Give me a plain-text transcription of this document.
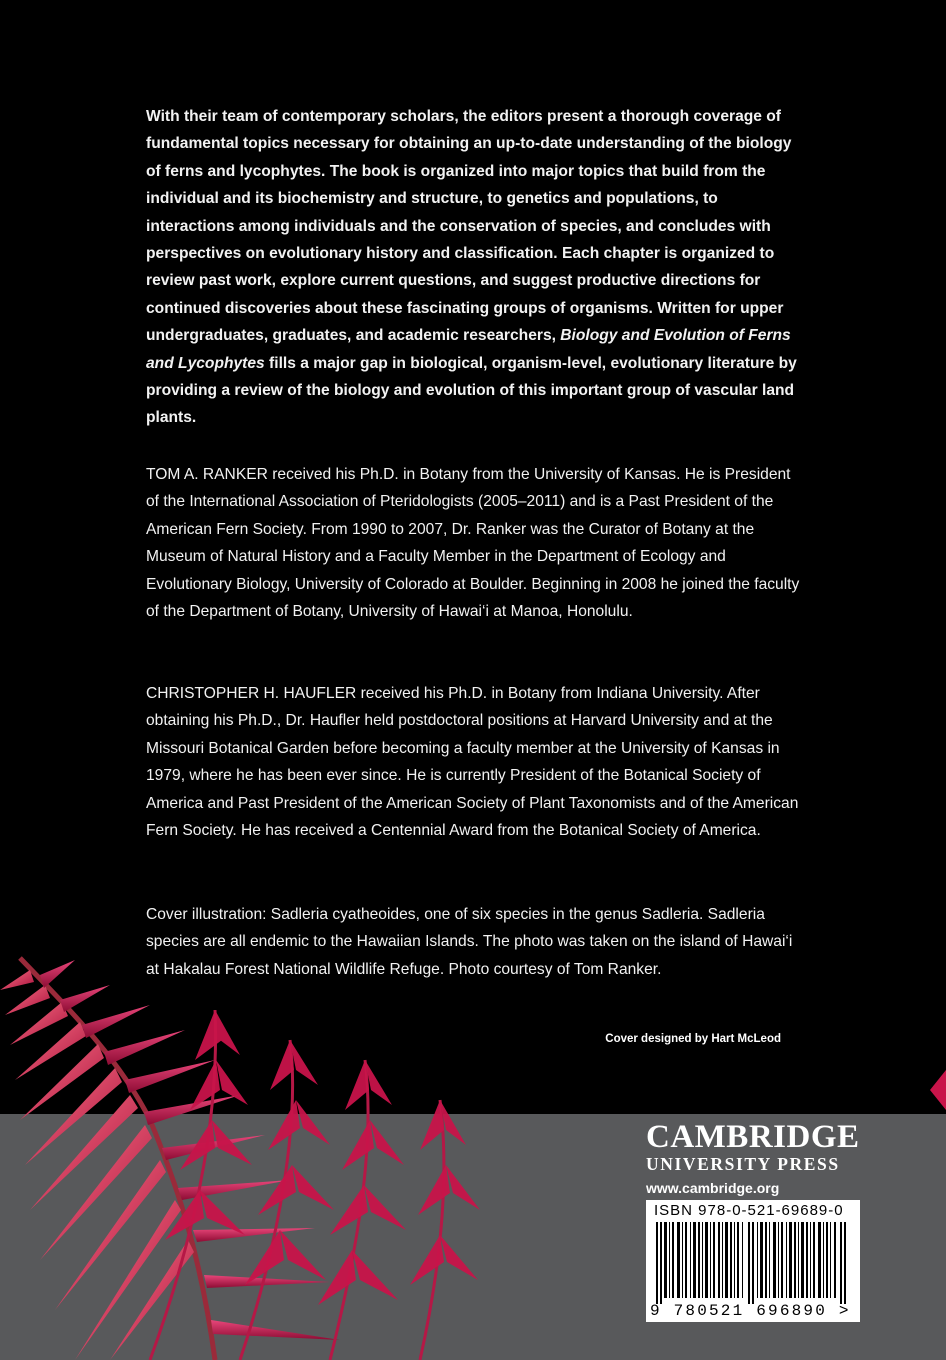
With their team of contemporary scholars, the editors present a thorough coverage of fundamental topics necessary for obtaining an up-to-date understanding of the biology of ferns and lycophytes. The book is organized into major topics that build from the individual and its biochemistry and structure, to genetics and populations, to interactions among individuals and the conservation of species, and concludes with perspectives on evolutionary history and classification. Each chapter is organized to review past work, explore current questions, and suggest productive directions for continued discoveries about these fascinating groups of organisms. Written for upper undergraduates, graduates, and academic researchers, Biology and Evolution of Ferns and Lycophytes fills a major gap in biological, organism-level, evolutionary literature by providing a review of the biology and evolution of this important group of vascular land plants.
TOM A. RANKER received his Ph.D. in Botany from the University of Kansas. He is President of the International Association of Pteridologists (2005–2011) and is a Past President of the American Fern Society. From 1990 to 2007, Dr. Ranker was the Curator of Botany at the Museum of Natural History and a Faculty Member in the Department of Ecology and Evolutionary Biology, University of Colorado at Boulder. Beginning in 2008 he joined the faculty of the Department of Botany, University of Hawai‘i at Manoa, Honolulu.
CHRISTOPHER H. HAUFLER received his Ph.D. in Botany from Indiana University. After obtaining his Ph.D., Dr. Haufler held postdoctoral positions at Harvard University and at the Missouri Botanical Garden before becoming a faculty member at the University of Kansas in 1979, where he has been ever since. He is currently President of the Botanical Society of America and Past President of the American Society of Plant Taxonomists and of the American Fern Society. He has received a Centennial Award from the Botanical Society of America.
Cover illustration: Sadleria cyatheoides, one of six species in the genus Sadleria. Sadleria species are all endemic to the Hawaiian Islands. The photo was taken on the island of Hawai‘i at Hakalau Forest National Wildlife Refuge. Photo courtesy of Tom Ranker.
Cover designed by Hart McLeod
CAMBRIDGE
UNIVERSITY PRESS
www.cambridge.org
ISBN 978-0-521-69689-0
9 780521 696890 >
